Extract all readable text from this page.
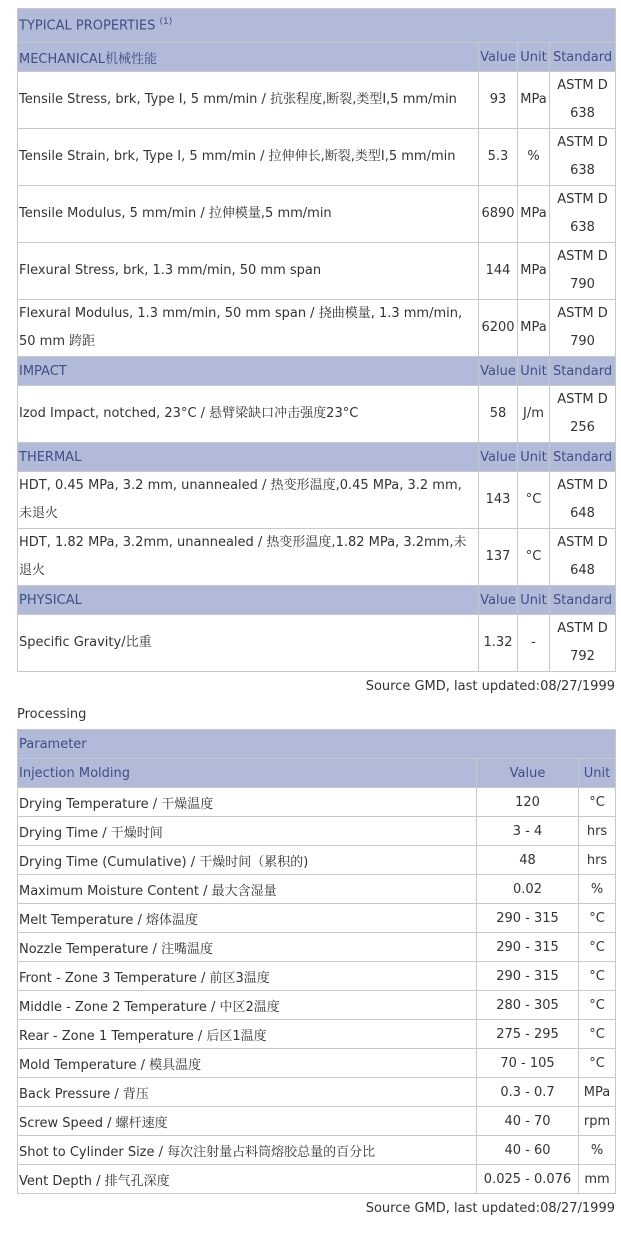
TYPICAL PROPERTIES $^{(1)}$
MECHANICAL机械性能	Value	Unit	Standard
Tensile Stress, brk, Type I, 5 mm/min / 抗张程度,断裂,类型I,5 mm/min	93	MPa	ASTM D 638
Tensile Strain, brk, Type I, 5 mm/min / 拉伸伸长,断裂,类型I,5 mm/min	5.3	%	ASTM D 638
Tensile Modulus, 5 mm/min / 拉伸模量,5 mm/min	6890	MPa	ASTM D 638
Flexural Stress, brk, 1.3 mm/min, 50 mm span	144	MPa	ASTM D 790
Flexural Modulus, 1.3 mm/min, 50 mm span / 挠曲模量, 1.3 mm/min, 50 mm 跨距	6200	MPa	ASTM D 790
IMPACT	Value	Unit	Standard
Izod Impact, notched, 23°C / 悬臂梁缺口冲击强度23°C	58	J/m	ASTM D 256
THERMAL	Value	Unit	Standard
HDT, 0.45 MPa, 3.2 mm, unannealed / 热变形温度,0.45 MPa, 3.2 mm, 未退火	143	°C	ASTM D 648
HDT, 1.82 MPa, 3.2mm, unannealed / 热变形温度,1.82 MPa, 3.2mm,未退火	137	°C	ASTM D 648
PHYSICAL	Value	Unit	Standard
Specific Gravity/比重	1.32	-	ASTM D 792
Source GMD, last updated:08/27/1999
Processing
Parameter		
Injection Molding	Value	Unit
Drying Temperature / 干燥温度	120	°C
Drying Time / 干燥时间	3 - 4	hrs
Drying Time (Cumulative) / 干燥时间（累积的)	48	hrs
Maximum Moisture Content / 最大含湿量	0.02	%
Melt Temperature / 熔体温度	290 - 315	°C
Nozzle Temperature / 注嘴温度	290 - 315	°C
Front - Zone 3 Temperature / 前区3温度	290 - 315	°C
Middle - Zone 2 Temperature / 中区2温度	280 - 305	°C
Rear - Zone 1 Temperature / 后区1温度	275 - 295	°C
Mold Temperature / 模具温度	70 - 105	°C
Back Pressure / 背压	0.3 - 0.7	MPa
Screw Speed / 螺杆速度	40 - 70	rpm
Shot to Cylinder Size / 每次注射量占料筒熔胶总量的百分比	40 - 60	%
Vent Depth / 排气孔深度	0.025 - 0.076	mm
Source GMD, last updated:08/27/1999
